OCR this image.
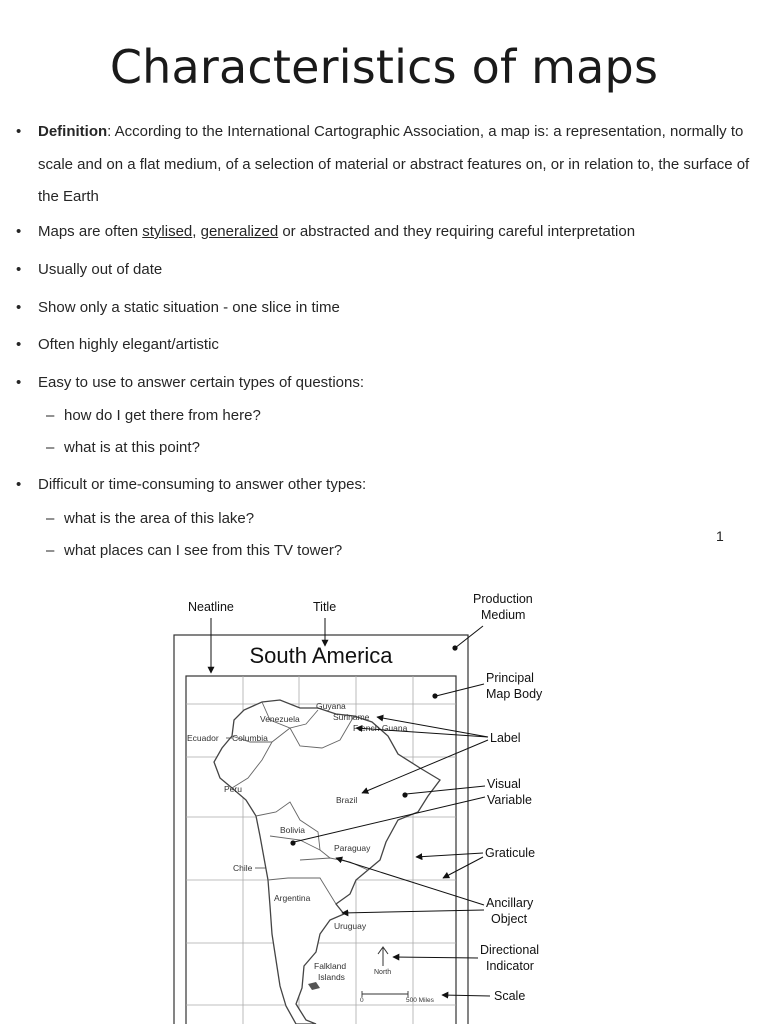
Characteristics of maps
• Definition: According to the International Cartographic Association, a map is: a representation, normally to scale and on a flat medium, of a selection of material or abstract features on, or in relation to, the surface of the Earth
• Maps are often stylised, generalized or abstracted and they requiring careful interpretation
• Usually out of date
• Show only a static situation - one slice in time
• Often highly elegant/artistic
• Easy to use to answer certain types of questions:
– how do I get there from here?
– what is at this point?
• Difficult or time-consuming to answer other types:
– what is the area of this lake?
– what places can I see from this TV tower?
1
South America
Guyana
Suriname
Venezuela
French Guana
Ecuador Columbia
Peru
Brazil
Bolivia
Paraguay
Chile
Argentina
Uruguay
Falkland
Islands	North
0	500 Miles
Neatline	Title
Production
Medium
Principal
Map Body
Label
Visual
Variable
Graticule
Ancillary
Object
Directional
Indicator
Scale
